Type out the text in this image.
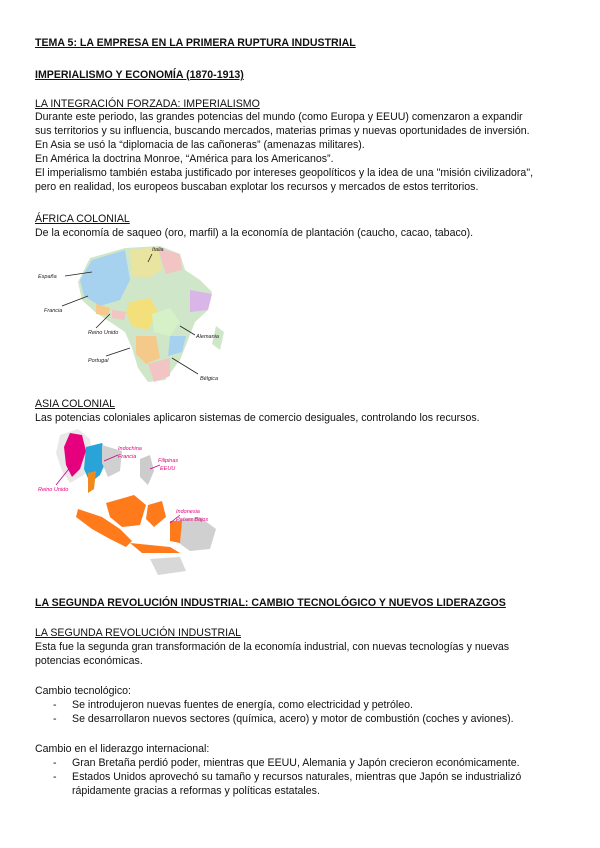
TEMA 5: LA EMPRESA EN LA PRIMERA RUPTURA INDUSTRIAL
IMPERIALISMO Y ECONOMÍA (1870-1913)
LA INTEGRACIÓN FORZADA: IMPERIALISMO
Durante este periodo, las grandes potencias del mundo (como Europa y EEUU) comenzaron a expandir
sus territorios y su influencia, buscando mercados, materias primas y nuevas oportunidades de inversión.
En Asia se usó la “diplomacia de las cañoneras” (amenazas militares).
En América la doctrina Monroe, “América para los Americanos”.
El imperialismo también estaba justificado por intereses geopolíticos y la idea de una "misión civilizadora",
pero en realidad, los europeos buscaban explotar los recursos y mercados de estos territorios.
ÁFRICA COLONIAL
De la economía de saqueo (oro, marfil) a la economía de plantación (caucho, cacao, tabaco).
España
Francia
Italia
Reino Unido
Alemania
Portugal
Bélgica
ASIA COLONIAL
Las potencias coloniales aplicaron sistemas de comercio desiguales, controlando los recursos.
Reino Unido
Indochina
Francia
Filipinas
EEUU
Indonesia
Países Bajos
LA SEGUNDA REVOLUCIÓN INDUSTRIAL: CAMBIO TECNOLÓGICO Y NUEVOS LIDERAZGOS
LA SEGUNDA REVOLUCIÓN INDUSTRIAL
Esta fue la segunda gran transformación de la economía industrial, con nuevas tecnologías y nuevas
potencias económicas.
Cambio tecnológico:
- Se introdujeron nuevas fuentes de energía, como electricidad y petróleo.
- Se desarrollaron nuevos sectores (química, acero) y motor de combustión (coches y aviones).
Cambio en el liderazgo internacional:
- Gran Bretaña perdió poder, mientras que EEUU, Alemania y Japón crecieron económicamente.
- Estados Unidos aprovechó su tamaño y recursos naturales, mientras que Japón se industrializó rápidamente gracias a reformas y políticas estatales.
